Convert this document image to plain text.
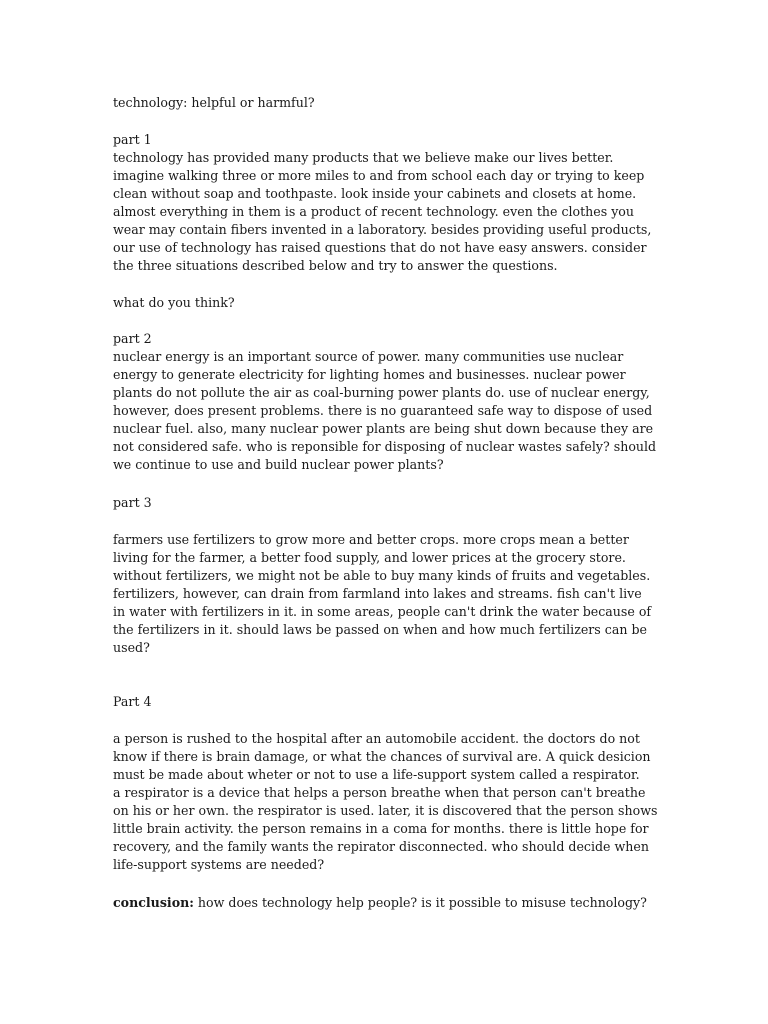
technology: helpful or harmful?
part 1
technology has provided many products that we believe make our lives better.
imagine walking three or more miles to and from school each day or trying to keep
clean without soap and toothpaste. look inside your cabinets and closets at home.
almost everything in them is a product of recent technology. even the clothes you
wear may contain fibers invented in a laboratory. besides providing useful products,
our use of technology has raised questions that do not have easy answers. consider
the three situations described below and try to answer the questions.
what do you think?
part 2
nuclear energy is an important source of power. many communities use nuclear
energy to generate electricity for lighting homes and businesses. nuclear power
plants do not pollute the air as coal-burning power plants do. use of nuclear energy,
however, does present problems. there is no guaranteed safe way to dispose of used
nuclear fuel. also, many nuclear power plants are being shut down because they are
not considered safe. who is reponsible for disposing of nuclear wastes safely? should
we continue to use and build nuclear power plants?
part 3
farmers use fertilizers to grow more and better crops. more crops mean a better
living for the farmer, a better food supply, and lower prices at the grocery store.
without fertilizers, we might not be able to buy many kinds of fruits and vegetables.
fertilizers, however, can drain from farmland into lakes and streams. fish can't live
in water with fertilizers in it. in some areas, people can't drink the water because of
the fertilizers in it. should laws be passed on when and how much fertilizers can be
used?
Part 4
a person is rushed to the hospital after an automobile accident. the doctors do not
know if there is brain damage, or what the chances of survival are. A quick desicion
must be made about wheter or not to use a life-support system called a respirator.
a respirator is a device that helps a person breathe when that person can't breathe
on his or her own. the respirator is used. later, it is discovered that the person shows
little brain activity. the person remains in a coma for months. there is little hope for
recovery, and the family wants the repirator disconnected. who should decide when
life-support systems are needed?
conclusion: how does technology help people? is it possible to misuse technology?
